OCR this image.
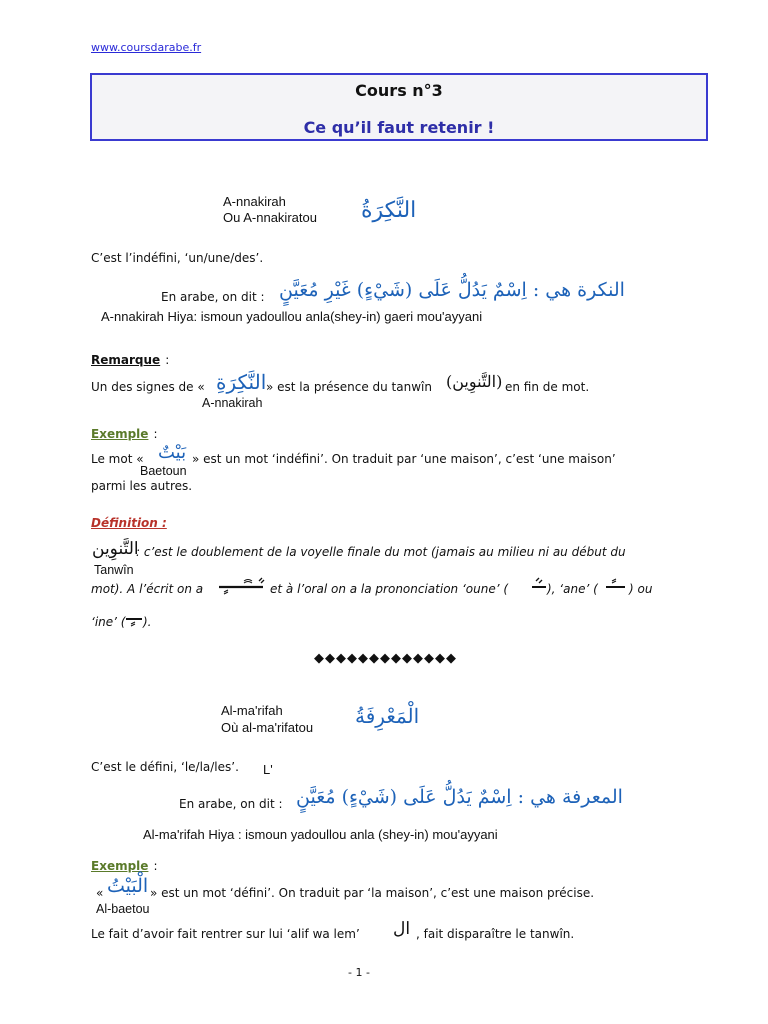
www.coursdarabe.fr
Cours n°3
Ce qu’il faut retenir !
A-nnakirah
Ou A-nnakiratou النَّكِرَةُ
C’est l’indéfini, ‘un/une/des’.
En arabe, on dit : النكرة هي : اِسْمٌ يَدُلُّ عَلَى (شَيْءٍ) غَيْرِ مُعَيَّنٍ
A-nnakirah Hiya: ismoun yadoullou anla(shey-in) gaeri mou'ayyani
Remarque :
Un des signes de « النَّكِرَةِ » est la présence du tanwîn (التَّنوِين) en fin de mot.
A-nnakirah
Exemple :
Le mot « بَيْتٌ » est un mot ‘indéfini’. On traduit par ‘une maison’, c’est ‘une maison’
Baetoun
parmi les autres.
Définition :
التَّنوِين
: c’est le doublement de la voyelle finale du mot (jamais au milieu ni au début du
Tanwîn
mot). A l’écrit on a	et à l’oral on a la prononciation ‘oune’ (	), ‘ane’ (	) ou
‘ine’ ( ).
◆◆◆◆◆◆◆◆◆◆◆◆◆
Al-ma'rifah
Où al-ma'rifatou الْمَعْرِفَةُ
C’est le défini, ‘le/la/les’. L'
En arabe, on dit : المعرفة هي : اِسْمٌ يَدُلُّ عَلَى (شَيْءٍ) مُعَيَّنٍ
Al-ma'rifah Hiya : ismoun yadoullou anla (shey-in) mou'ayyani
Exemple :
« الْبَيْتُ » est un mot ‘défini’. On traduit par ‘la maison’, c’est une maison précise.
Al-baetou
Le fait d’avoir fait rentrer sur lui ‘alif wa lem’ ال , fait disparaître le tanwîn.
- 1 -
